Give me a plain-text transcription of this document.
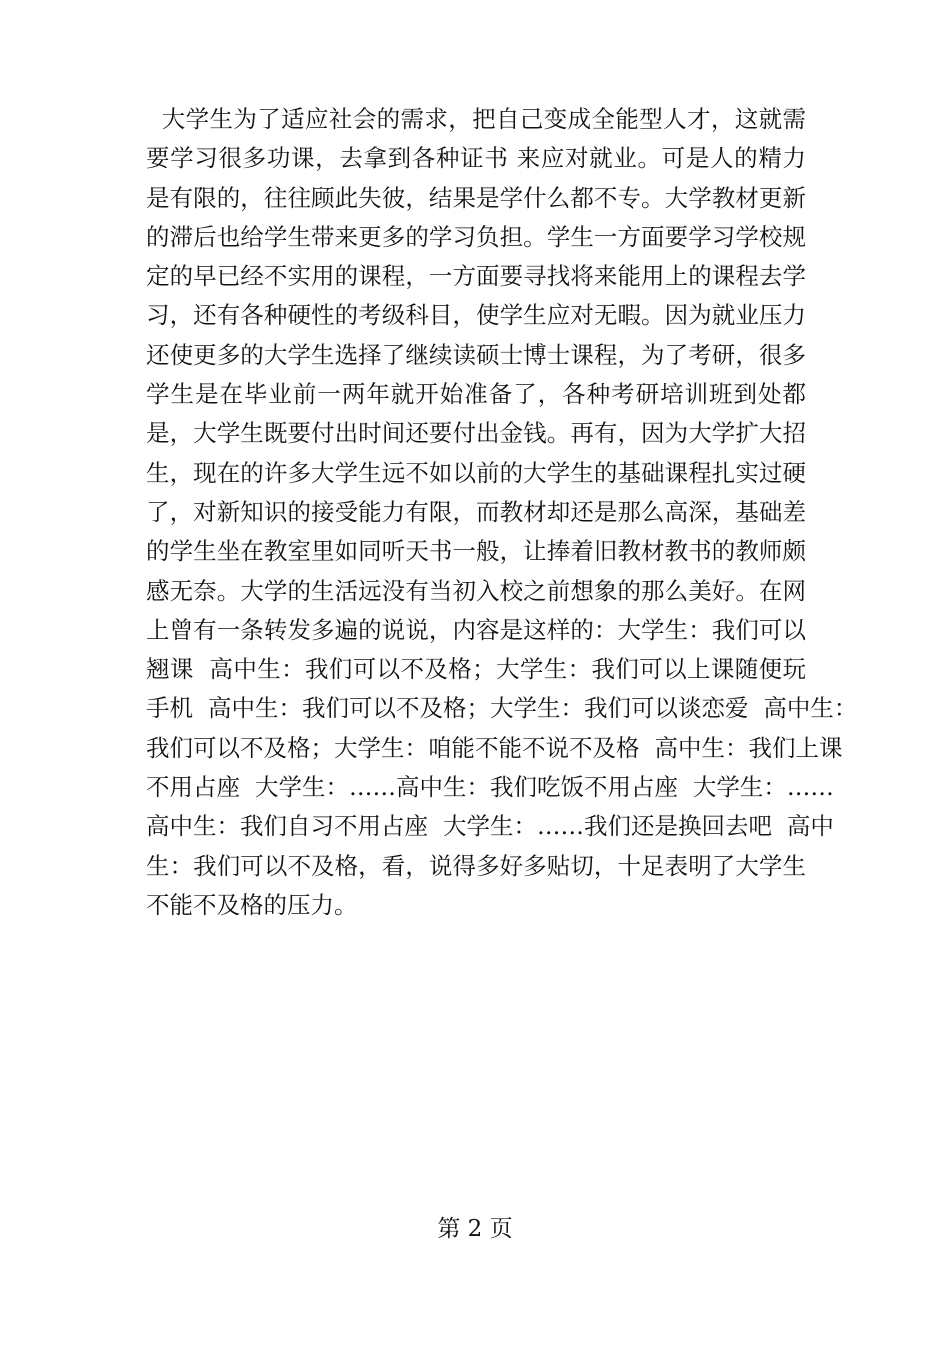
大学生为了适应社会的需求，把自己变成全能型人才，这就需
要学习很多功课，去拿到各种证书 来应对就业。可是人的精力
是有限的，往往顾此失彼，结果是学什么都不专。大学教材更新
的滞后也给学生带来更多的学习负担。学生一方面要学习学校规
定的早已经不实用的课程，一方面要寻找将来能用上的课程去学
习，还有各种硬性的考级科目，使学生应对无暇。因为就业压力
还使更多的大学生选择了继续读硕士博士课程，为了考研，很多
学生是在毕业前一两年就开始准备了，各种考研培训班到处都
是，大学生既要付出时间还要付出金钱。再有，因为大学扩大招
生，现在的许多大学生远不如以前的大学生的基础课程扎实过硬
了，对新知识的接受能力有限，而教材却还是那么高深，基础差
的学生坐在教室里如同听天书一般，让捧着旧教材教书的教师颇
感无奈。大学的生活远没有当初入校之前想象的那么美好。在网
上曾有一条转发多遍的说说，内容是这样的：大学生：我们可以
翘课  高中生：我们可以不及格；大学生：我们可以上课随便玩
手机  高中生：我们可以不及格；大学生：我们可以谈恋爱  高中生：
我们可以不及格；大学生：咱能不能不说不及格  高中生：我们上课
不用占座  大学生：……高中生：我们吃饭不用占座  大学生：……
高中生：我们自习不用占座  大学生：……我们还是换回去吧  高中
生：我们可以不及格，看，说得多好多贴切，十足表明了大学生
不能不及格的压力。
第 2 页
